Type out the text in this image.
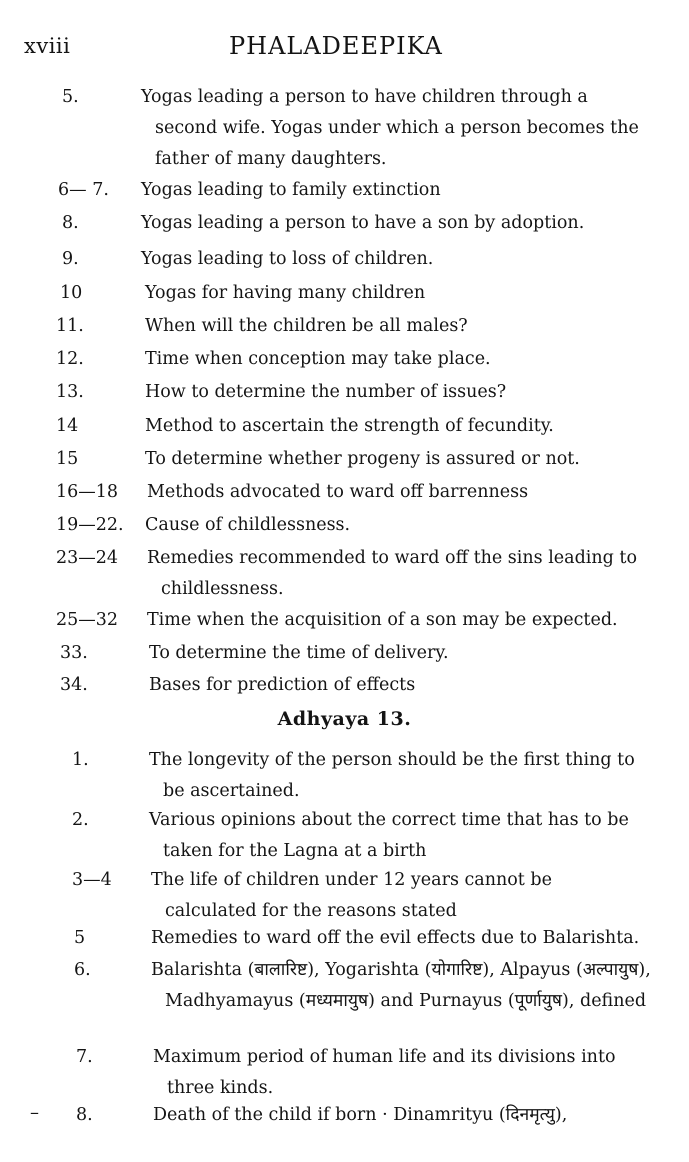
xviii	PHALADEEPIKA
5.	Yogas leading a person to have children through a second wife. Yogas under which a person becomes the father of many daughters.
6— 7. Yogas leading to family extinction
8.	Yogas leading a person to have a son by adoption.
9.	Yogas leading to loss of children.
10	Yogas for having many children
11.	When will the children be all males?
12.	Time when conception may take place.
13.	How to determine the number of issues?
14	Method to ascertain the strength of fecundity.
15	To determine whether progeny is assured or not.
16—18 Methods advocated to ward off barrenness
19—22. Cause of childlessness.
23—24 Remedies recommended to ward off the sins leading to childlessness.
25—32 Time when the acquisition of a son may be expected.
33.	To determine the time of delivery.
34.	Bases for prediction of effects
Adhyaya 13.
1.	The longevity of the person should be the first thing to be ascertained.
2.	Various opinions about the correct time that has to be taken for the Lagna at a birth
3—4 The life of children under 12 years cannot be calculated for the reasons stated
5	Remedies to ward off the evil effects due to Balarishta.
6.	Balarishta (बालारिष्ट), Yogarishta (योगारिष्ट), Alpayus (अल्पायुष), Madhyamayus (मध्यमायुष) and Purnayus (पूर्णायुष), defined
7.	Maximum period of human life and its divisions into three kinds.
8.	Death of the child if born · Dinamrityu (दिनमृत्यु),
–
